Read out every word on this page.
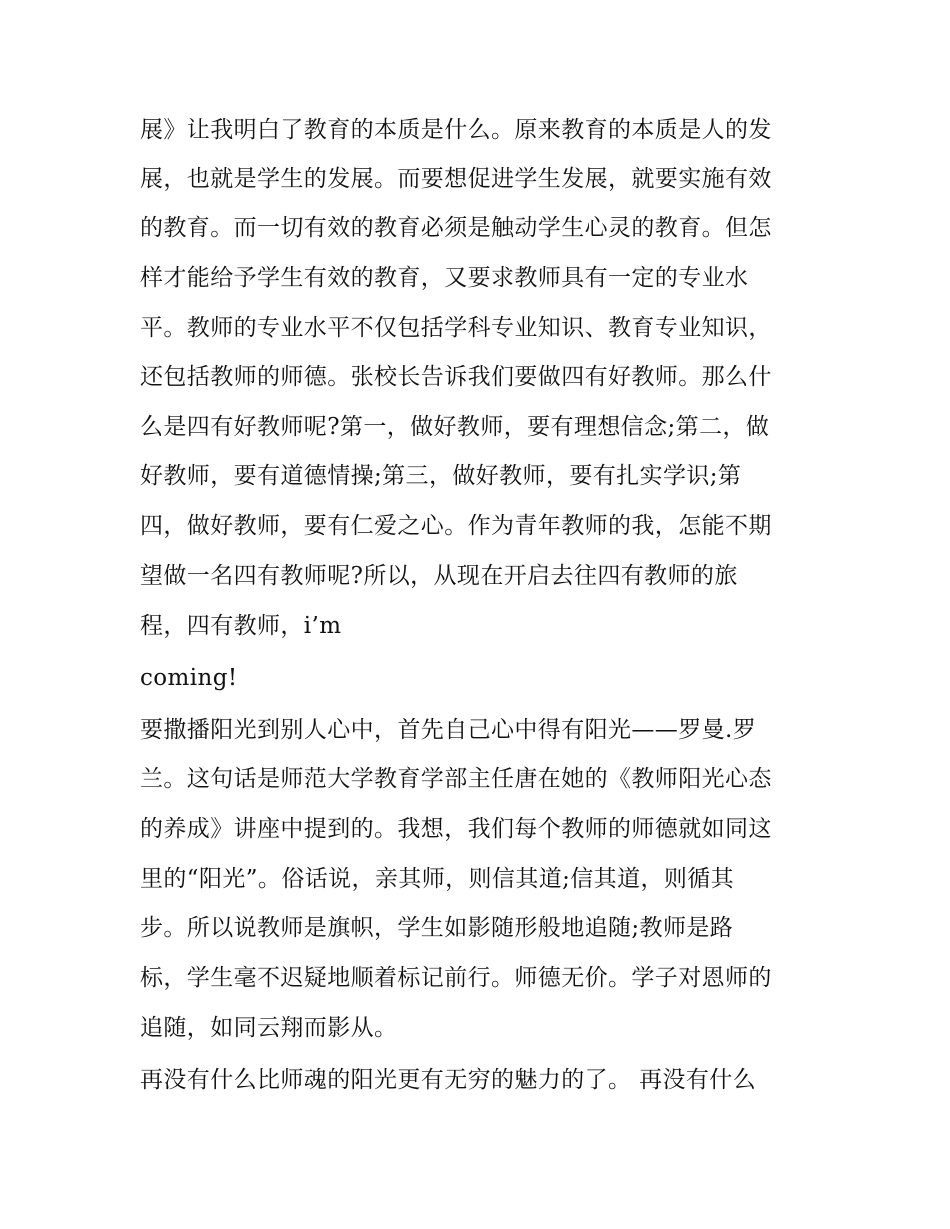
展》让我明白了教育的本质是什么。原来教育的本质是人的发
展，也就是学生的发展。而要想促进学生发展，就要实施有效
的教育。而一切有效的教育必须是触动学生心灵的教育。但怎
样才能给予学生有效的教育，又要求教师具有一定的专业水
平。教师的专业水平不仅包括学科专业知识、教育专业知识，
还包括教师的师德。张校长告诉我们要做四有好教师。那么什
么是四有好教师呢?第一，做好教师，要有理想信念;第二，做
好教师，要有道德情操;第三，做好教师，要有扎实学识;第
四，做好教师，要有仁爱之心。作为青年教师的我，怎能不期
望做一名四有教师呢?所以，从现在开启去往四有教师的旅
程，四有教师，i’m
coming!
要撒播阳光到别人心中，首先自己心中得有阳光——罗曼.罗
兰。这句话是师范大学教育学部主任唐在她的《教师阳光心态
的养成》讲座中提到的。我想，我们每个教师的师德就如同这
里的“阳光”。俗话说，亲其师，则信其道;信其道，则循其
步。所以说教师是旗帜，学生如影随形般地追随;教师是路
标，学生毫不迟疑地顺着标记前行。师德无价。学子对恩师的
追随，如同云翔而影从。
再没有什么比师魂的阳光更有无穷的魅力的了。 再没有什么
